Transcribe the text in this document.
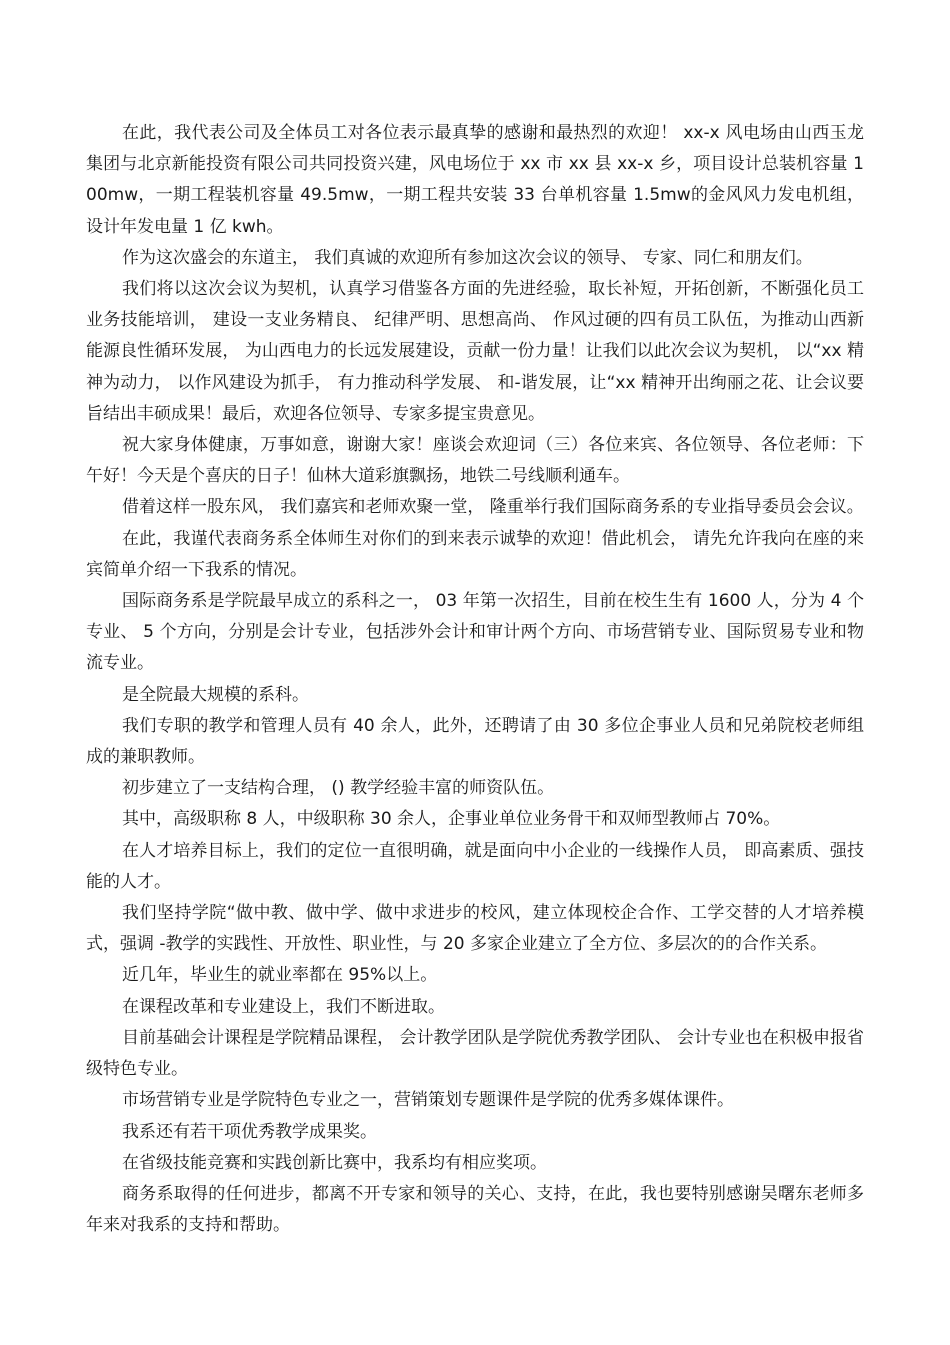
在此，我代表公司及全体员工对各位表示最真挚的感谢和最热烈的欢迎！ xx-x 风电场由山西玉龙集团与北京新能投资有限公司共同投资兴建，风电场位于 xx 市 xx 县 xx-x 乡，项目设计总装机容量 100mw，一期工程装机容量 49.5mw，一期工程共安装 33 台单机容量 1.5mw的金风风力发电机组，设计年发电量 1 亿 kwh。

作为这次盛会的东道主， 我们真诚的欢迎所有参加这次会议的领导、 专家、同仁和朋友们。

我们将以这次会议为契机，认真学习借鉴各方面的先进经验，取长补短，开拓创新，不断强化员工业务技能培训， 建设一支业务精良、 纪律严明、思想高尚、 作风过硬的四有员工队伍，为推动山西新能源良性循环发展， 为山西电力的长远发展建设，贡献一份力量！让我们以此次会议为契机， 以“xx 精神为动力， 以作风建设为抓手， 有力推动科学发展、 和-谐发展，让“xx 精神开出绚丽之花、让会议要旨结出丰硕成果！最后，欢迎各位领导、专家多提宝贵意见。

祝大家身体健康，万事如意，谢谢大家！座谈会欢迎词（三）各位来宾、各位领导、各位老师：下午好！今天是个喜庆的日子！仙林大道彩旗飘扬，地铁二号线顺利通车。

借着这样一股东风， 我们嘉宾和老师欢聚一堂， 隆重举行我们国际商务系的专业指导委员会会议。

在此，我谨代表商务系全体师生对你们的到来表示诚挚的欢迎！借此机会， 请先允许我向在座的来宾简单介绍一下我系的情况。

国际商务系是学院最早成立的系科之一， 03 年第一次招生，目前在校生生有 1600 人，分为 4 个专业、 5 个方向，分别是会计专业，包括涉外会计和审计两个方向、市场营销专业、国际贸易专业和物流专业。

是全院最大规模的系科。

我们专职的教学和管理人员有 40 余人，此外，还聘请了由 30 多位企事业人员和兄弟院校老师组成的兼职教师。

初步建立了一支结构合理， () 教学经验丰富的师资队伍。

其中，高级职称 8 人，中级职称 30 余人，企事业单位业务骨干和双师型教师占 70%。

在人才培养目标上，我们的定位一直很明确，就是面向中小企业的一线操作人员， 即高素质、强技能的人才。

我们坚持学院“做中教、做中学、做中求进步的校风，建立体现校企合作、工学交替的人才培养模式，强调 -教学的实践性、开放性、职业性，与 20 多家企业建立了全方位、多层次的的合作关系。

近几年，毕业生的就业率都在 95%以上。

在课程改革和专业建设上，我们不断进取。

目前基础会计课程是学院精品课程， 会计教学团队是学院优秀教学团队、 会计专业也在积极申报省级特色专业。

市场营销专业是学院特色专业之一，营销策划专题课件是学院的优秀多媒体课件。

我系还有若干项优秀教学成果奖。

在省级技能竞赛和实践创新比赛中，我系均有相应奖项。

商务系取得的任何进步，都离不开专家和领导的关心、支持，在此，我也要特别感谢吴曙东老师多年来对我系的支持和帮助。
